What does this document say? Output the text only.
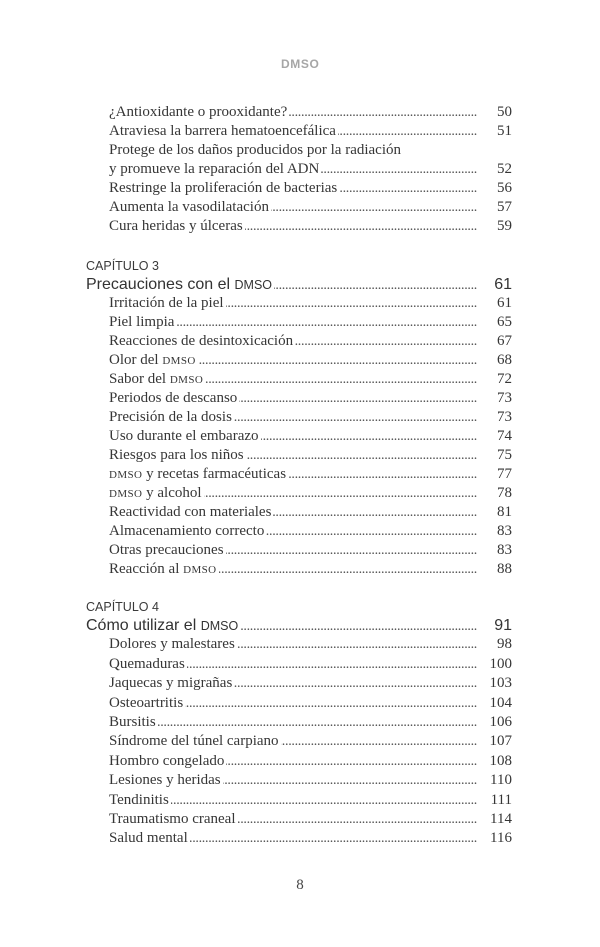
DMSO
¿Antioxidante o prooxidante? .....	50
Atraviesa la barrera hematoencefálica .....	51
Protege de los daños producidos por la radiación
y promueve la reparación del ADN .....	52
Restringe la proliferación de bacterias .....	56
Aumenta la vasodilatación .....	57
Cura heridas y úlceras .....	59
CAPÍTULO 3
Precauciones con el DMSO .....	61
Irritación de la piel .....	61
Piel limpia .....	65
Reacciones de desintoxicación .....	67
Olor del DMSO .....	68
Sabor del DMSO .....	72
Periodos de descanso .....	73
Precisión de la dosis .....	73
Uso durante el embarazo .....	74
Riesgos para los niños .....	75
DMSO y recetas farmacéuticas .....	77
DMSO y alcohol .....	78
Reactividad con materiales .....	81
Almacenamiento correcto .....	83
Otras precauciones .....	83
Reacción al DMSO .....	88
CAPÍTULO 4
Cómo utilizar el DMSO .....	91
Dolores y malestares .....	98
Quemaduras .....	100
Jaquecas y migrañas .....	103
Osteoartritis .....	104
Bursitis .....	106
Síndrome del túnel carpiano .....	107
Hombro congelado .....	108
Lesiones y heridas .....	110
Tendinitis .....	111
Traumatismo craneal .....	114
Salud mental .....	116
8
